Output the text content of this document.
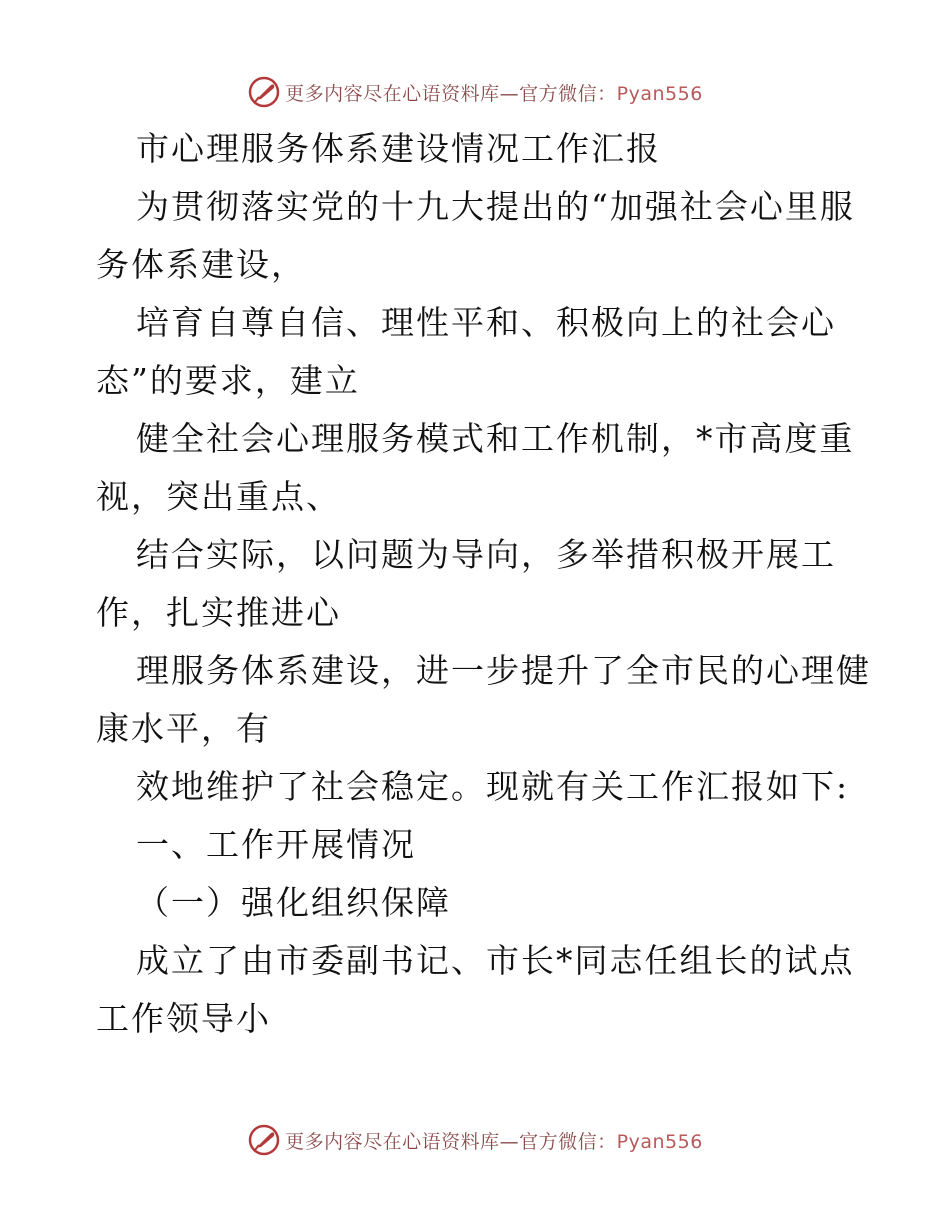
更多内容尽在心语资料库—官方微信：Pyan556
市心理服务体系建设情况工作汇报
为贯彻落实党的十九大提出的“加强社会心里服
务体系建设，
培育自尊自信、理性平和、积极向上的社会心
态”的要求，建立
健全社会心理服务模式和工作机制，*市高度重
视，突出重点、
结合实际，以问题为导向，多举措积极开展工
作，扎实推进心
理服务体系建设，进一步提升了全市民的心理健
康水平，有
效地维护了社会稳定。现就有关工作汇报如下:
一、工作开展情况
（一）强化组织保障
成立了由市委副书记、市长*同志任组长的试点
工作领导小
更多内容尽在心语资料库—官方微信：Pyan556
